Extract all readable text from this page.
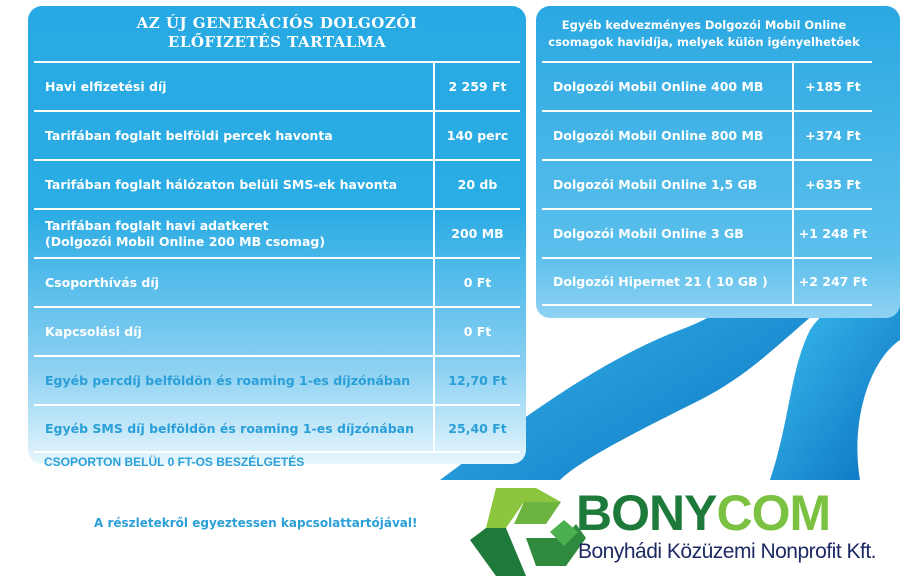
AZ ÚJ GENERÁCIÓS DOLGOZÓI
ELŐFIZETÉS TARTALMA
Havi elfizetési díj	2 259 Ft
Tarifában foglalt belföldi percek havonta	140 perc
Tarifában foglalt hálózaton belüli SMS-ek havonta	20 db
Tarifában foglalt havi adatkeret
(Dolgozói Mobil Online 200 MB csomag)	200 MB
Csoporthívás díj	0 Ft
Kapcsolási díj	0 Ft
Egyéb percdíj belföldön és roaming 1-es díjzónában	12,70 Ft
Egyéb SMS díj belföldön és roaming 1-es díjzónában	25,40 Ft
Egyéb kedvezményes Dolgozói Mobil Online
csomagok havidíja, melyek külön igényelhetőek
Dolgozói Mobil Online 400 MB	+185 Ft
Dolgozói Mobil Online 800 MB	+374 Ft
Dolgozói Mobil Online 1,5 GB	+635 Ft
Dolgozói Mobil Online 3 GB	+1 248 Ft
Dolgozói Hipernet 21 ( 10 GB )	+2 247 Ft
CSOPORTON BELÜL 0 FT-OS BESZÉLGETÉS
A részletekről egyeztessen kapcsolattartójával!	BONYCOM
Bonyhádi Közüzemi Nonprofit Kft.
